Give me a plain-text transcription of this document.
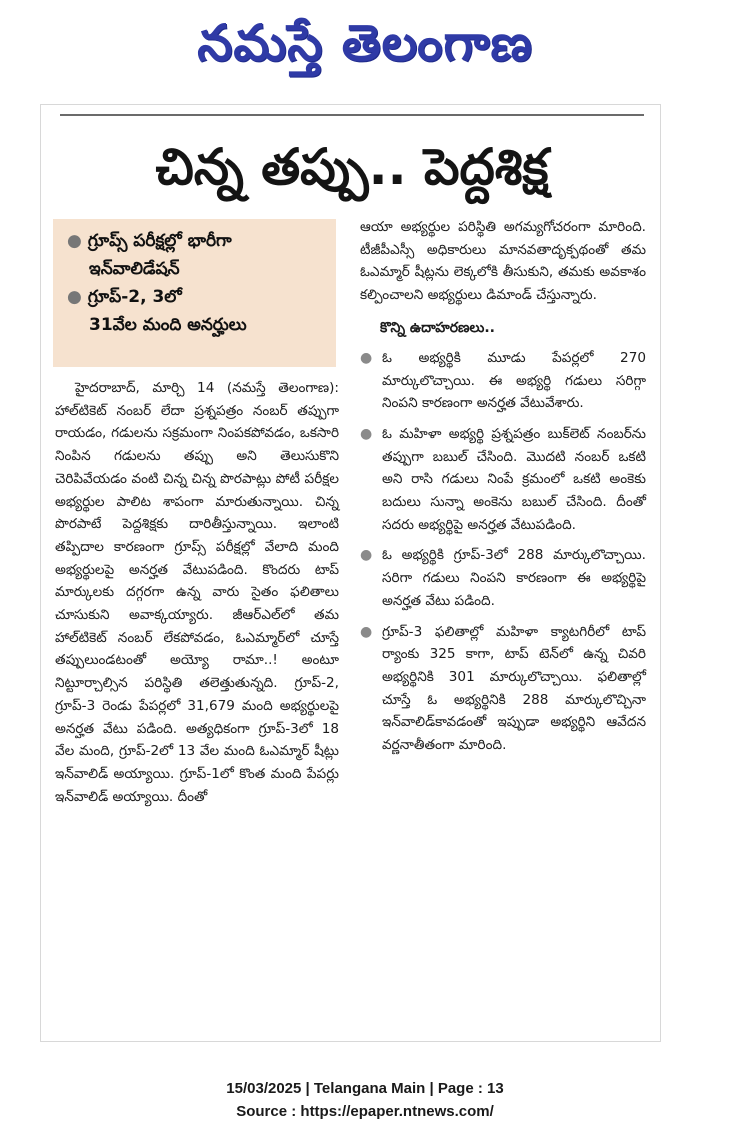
నమస్తే తెలంగాణ
చిన్న తప్పు.. పెద్దశిక్ష
● గ్రూప్స్ పరీక్షల్లో భారీగా
ఇన్‌వాలిడేషన్
● గ్రూప్-2, 3లో
31వేల మంది అనర్హులు

హైదరాబాద్, మార్చి 14 (నమస్తే తెలంగాణ): హాల్‌టికెట్ నంబర్ లేదా ప్రశ్నపత్రం నంబర్ తప్పుగా రాయడం, గడులను సక్రమంగా నింపకపోవడం, ఒకసారి నింపిన గడులను తప్పు అని తెలుసుకొని చెరిపివేయడం వంటి చిన్న చిన్న పొరపాట్లు పోటీ పరీక్షల అభ్యర్థుల పాలిట శాపంగా మారుతున్నాయి. చిన్న పొరపాటే పెద్దశిక్షకు దారితీస్తున్నాయి. ఇలాంటి తప్పిదాల కారణంగా గ్రూప్స్ పరీక్షల్లో వేలాది మంది అభ్యర్థులపై అనర్హత వేటుపడింది. కొందరు టాప్ మార్కులకు దగ్గరగా ఉన్న వారు సైతం ఫలితాలు చూసుకుని అవాక్కయ్యారు. జీఆర్‌ఎల్‌లో తమ హాల్‌టికెట్ నంబర్ లేకపోవడం, ఓఎమ్మార్‌లో చూస్తే తప్పులుండటంతో అయ్యో రామా..! అంటూ నిట్టూర్చాల్సిన పరిస్థితి తలెత్తుతున్నది. గ్రూప్-2, గ్రూప్-3 రెండు పేపర్లలో 31,679 మంది అభ్యర్థులపై అనర్హత వేటు పడింది. అత్యధికంగా గ్రూప్-3లో 18 వేల మంది, గ్రూప్-2లో 13 వేల మంది ఓఎమ్మార్ షీట్లు ఇన్‌వాలిడ్ అయ్యాయి. గ్రూప్-1లో కొంత మంది పేపర్లు ఇన్‌వాలిడ్ అయ్యాయి. దీంతో

ఆయా అభ్యర్థుల పరిస్థితి అగమ్యగోచరంగా మారింది. టీజీపీఎస్సీ అధికారులు మానవతాదృక్పథంతో తమ ఓఎమ్మార్ షీట్లను లెక్కలోకి తీసుకుని, తమకు అవకాశం కల్పించాలని అభ్యర్థులు డిమాండ్ చేస్తున్నారు.

కొన్ని ఉదాహరణలు..
● ఓ అభ్యర్థికి మూడు పేపర్లలో 270 మార్కులొచ్చాయి. ఈ అభ్యర్థి గడులు సరిగ్గా నింపని కారణంగా అనర్హత వేటువేశారు.
● ఓ మహిళా అభ్యర్థి ప్రశ్నపత్రం బుక్‌లెట్ నంబర్‌ను తప్పుగా బబుల్ చేసింది. మొదటి నంబర్ ఒకటి అని రాసి గడులు నింపే క్రమంలో ఒకటి అంకెకు బదులు సున్నా అంకెను బబుల్ చేసింది. దీంతో సదరు అభ్యర్థిపై అనర్హత వేటుపడింది.
● ఓ అభ్యర్థికి గ్రూప్-3లో 288 మార్కులొచ్చాయి. సరిగా గడులు నింపని కారణంగా ఈ అభ్యర్థిపై అనర్హత వేటు పడింది.
● గ్రూప్-3 ఫలితాల్లో మహిళా క్యాటగిరీలో టాప్ ర్యాంకు 325 కాగా, టాప్ టెన్‌లో ఉన్న చివరి అభ్యర్థినికి 301 మార్కులొచ్చాయి. ఫలితాల్లో చూస్తే ఓ అభ్యర్థినికి 288 మార్కులొచ్చినా ఇన్‌వాలిడ్‌కావడంతో ఇప్పుడా అభ్యర్థిని ఆవేదన వర్ణనాతీతంగా మారింది.
15/03/2025 | Telangana Main | Page : 13
Source : https://epaper.ntnews.com/
